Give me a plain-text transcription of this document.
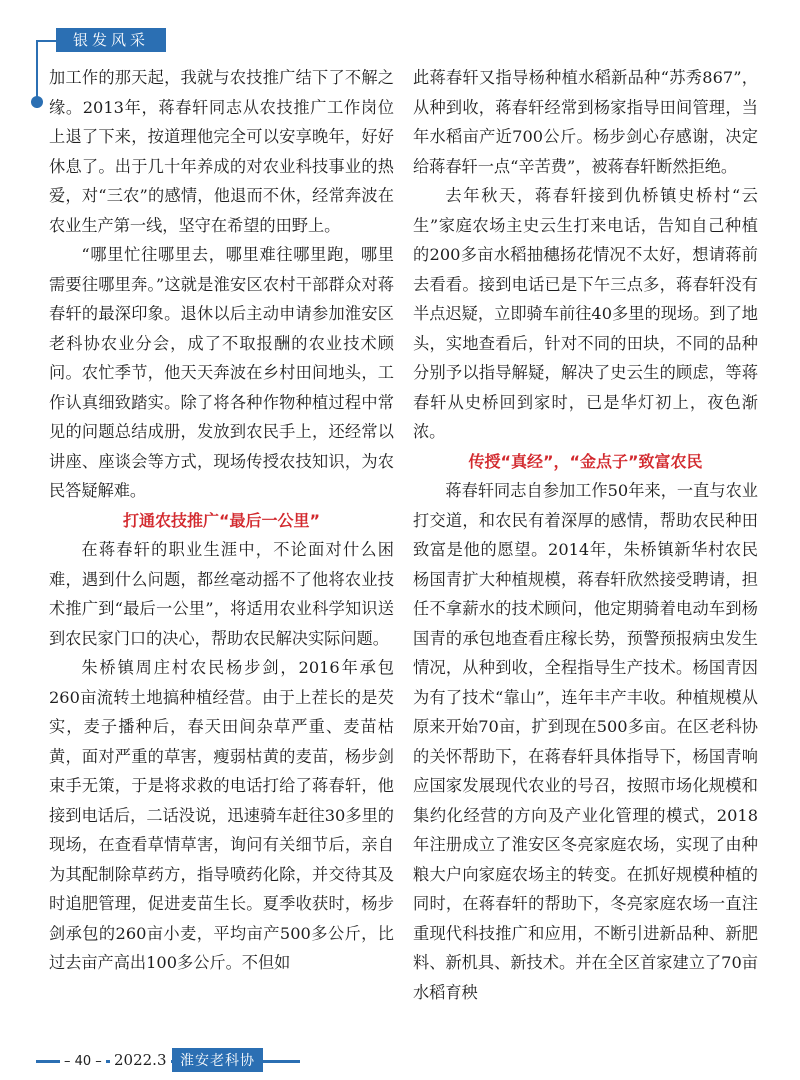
银发风采

加工作的那天起，我就与农技推广结下了不解之缘。2013年，蒋春轩同志从农技推广工作岗位上退了下来，按道理他完全可以安享晚年，好好休息了。出于几十年养成的对农业科技事业的热爱，对“三农”的感情，他退而不休，经常奔波在农业生产第一线，坚守在希望的田野上。

“哪里忙往哪里去，哪里难往哪里跑，哪里需要往哪里奔。”这就是淮安区农村干部群众对蒋春轩的最深印象。退休以后主动申请参加淮安区老科协农业分会，成了不取报酬的农业技术顾问。农忙季节，他天天奔波在乡村田间地头，工作认真细致踏实。除了将各种作物种植过程中常见的问题总结成册，发放到农民手上，还经常以讲座、座谈会等方式，现场传授农技知识，为农民答疑解难。

打通农技推广“最后一公里”

在蒋春轩的职业生涯中，不论面对什么困难，遇到什么问题，都丝毫动摇不了他将农业技术推广到“最后一公里”，将适用农业科学知识送到农民家门口的决心，帮助农民解决实际问题。

朱桥镇周庄村农民杨步剑，2016年承包260亩流转土地搞种植经营。由于上茬长的是芡实，麦子播种后，春天田间杂草严重、麦苗枯黄，面对严重的草害，瘦弱枯黄的麦苗，杨步剑束手无策，于是将求救的电话打给了蒋春轩，他接到电话后，二话没说，迅速骑车赶往30多里的现场，在查看草情草害，询问有关细节后，亲自为其配制除草药方，指导喷药化除，并交待其及时追肥管理，促进麦苗生长。夏季收获时，杨步剑承包的260亩小麦，平均亩产500多公斤，比过去亩产高出100多公斤。不但如

此蒋春轩又指导杨种植水稻新品种“苏秀867”，从种到收，蒋春轩经常到杨家指导田间管理，当年水稻亩产近700公斤。杨步剑心存感谢，决定给蒋春轩一点“辛苦费”，被蒋春轩断然拒绝。

去年秋天，蒋春轩接到仇桥镇史桥村“云生”家庭农场主史云生打来电话，告知自己种植的200多亩水稻抽穗扬花情况不太好，想请蒋前去看看。接到电话已是下午三点多，蒋春轩没有半点迟疑，立即骑车前往40多里的现场。到了地头，实地查看后，针对不同的田块，不同的品种分别予以指导解疑，解决了史云生的顾虑，等蒋春轩从史桥回到家时，已是华灯初上，夜色渐浓。

传授“真经”，“金点子”致富农民

蒋春轩同志自参加工作50年来，一直与农业打交道，和农民有着深厚的感情，帮助农民种田致富是他的愿望。2014年，朱桥镇新华村农民杨国青扩大种植规模，蒋春轩欣然接受聘请，担任不拿薪水的技术顾问，他定期骑着电动车到杨国青的承包地查看庄稼长势，预警预报病虫发生情况，从种到收，全程指导生产技术。杨国青因为有了技术“靠山”，连年丰产丰收。种植规模从原来开始70亩，扩到现在500多亩。在区老科协的关怀帮助下，在蒋春轩具体指导下，杨国青响应国家发展现代农业的号召，按照市场化规模和集约化经营的方向及产业化管理的模式，2018年注册成立了淮安区冬亮家庭农场，实现了由种粮大户向家庭农场主的转变。在抓好规模种植的同时，在蒋春轩的帮助下，冬亮家庭农场一直注重现代科技推广和应用，不断引进新品种、新肥料、新机具、新技术。并在全区首家建立了70亩水稻育秧

– 40 – 2022.3 淮安老科协
